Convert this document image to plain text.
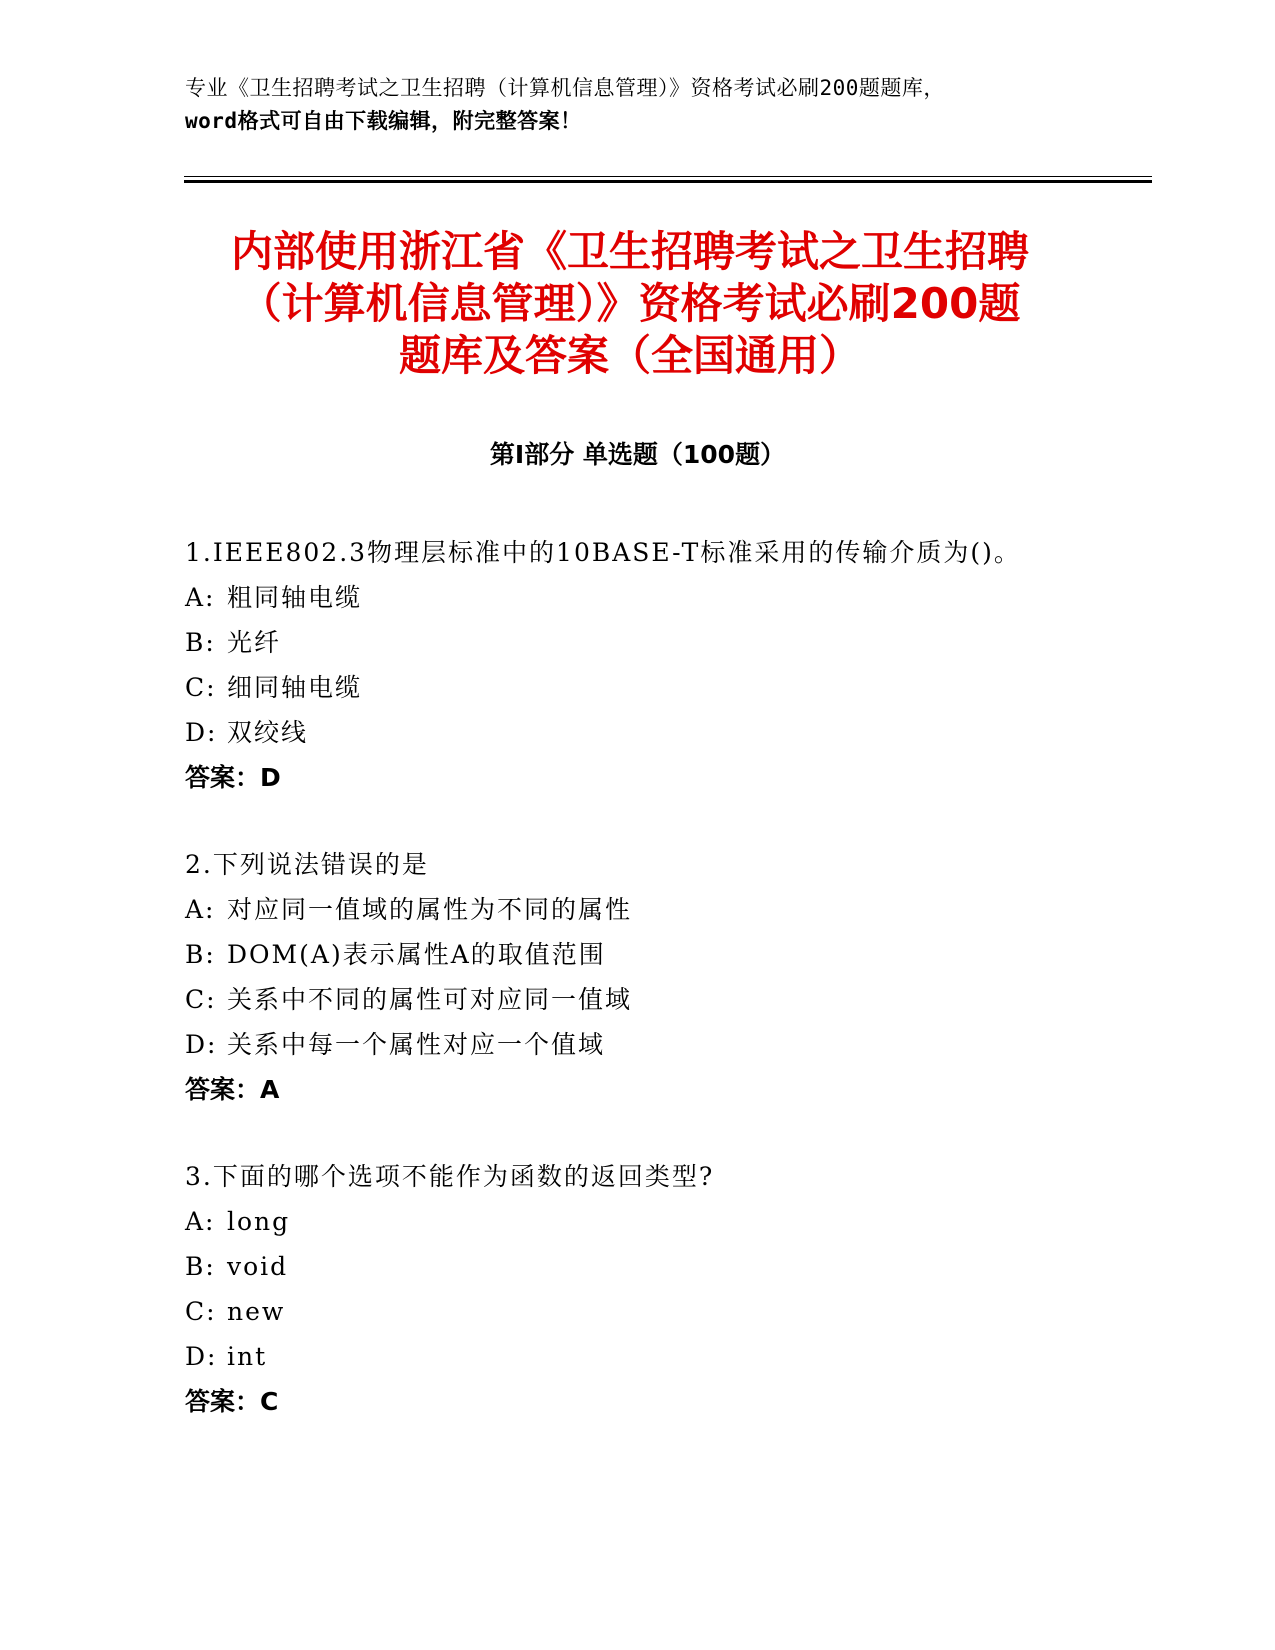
专业《卫生招聘考试之卫生招聘（计算机信息管理）》资格考试必刷200题题库，
word格式可自由下载编辑，附完整答案！
内部使用浙江省《卫生招聘考试之卫生招聘
（计算机信息管理）》资格考试必刷200题
题库及答案（全国通用）
第Ⅰ部分 单选题（100题）
1.IEEE802.3物理层标准中的10BASE-T标准采用的传输介质为()。
A: 粗同轴电缆
B: 光纤
C: 细同轴电缆
D: 双绞线
答案：D
2.下列说法错误的是
A: 对应同一值域的属性为不同的属性
B: DOM(A)表示属性A的取值范围
C: 关系中不同的属性可对应同一值域
D: 关系中每一个属性对应一个值域
答案：A
3.下面的哪个选项不能作为函数的返回类型?
A: long
B: void
C: new
D: int
答案：C
